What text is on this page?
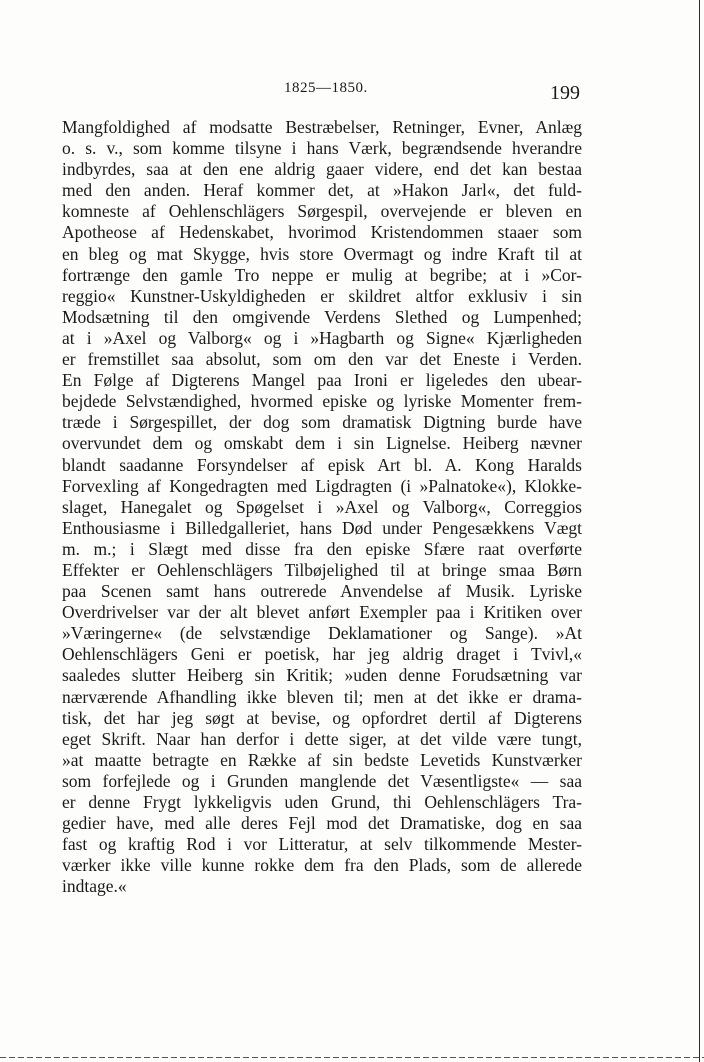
1825—1850.	199
Mangfoldighed af modsatte Bestræbelser, Retninger, Evner, Anlæg
o. s. v., som komme tilsyne i hans Værk, begrændsende hverandre
indbyrdes, saa at den ene aldrig gaaer videre, end det kan bestaa
med den anden. Heraf kommer det, at »Hakon Jarl«, det fuld-
komneste af Oehlenschlägers Sørgespil, overvejende er bleven en
Apotheose af Hedenskabet, hvorimod Kristendommen staaer som
en bleg og mat Skygge, hvis store Overmagt og indre Kraft til at
fortrænge den gamle Tro neppe er mulig at begribe; at i »Cor-
reggio« Kunstner-Uskyldigheden er skildret altfor exklusiv i sin
Modsætning til den omgivende Verdens Slethed og Lumpenhed;
at i »Axel og Valborg« og i »Hagbarth og Signe« Kjærligheden
er fremstillet saa absolut, som om den var det Eneste i Verden.
En Følge af Digterens Mangel paa Ironi er ligeledes den ubear-
bejdede Selvstændighed, hvormed episke og lyriske Momenter frem-
træde i Sørgespillet, der dog som dramatisk Digtning burde have
overvundet dem og omskabt dem i sin Lignelse. Heiberg nævner
blandt saadanne Forsyndelser af episk Art bl. A. Kong Haralds
Forvexling af Kongedragten med Ligdragten (i »Palnatoke«), Klokke-
slaget, Hanegalet og Spøgelset i »Axel og Valborg«, Correggios
Enthousiasme i Billedgalleriet, hans Død under Pengesækkens Vægt
m. m.; i Slægt med disse fra den episke Sfære raat overførte
Effekter er Oehlenschlägers Tilbøjelighed til at bringe smaa Børn
paa Scenen samt hans outrerede Anvendelse af Musik. Lyriske
Overdrivelser var der alt blevet anført Exempler paa i Kritiken over
»Væringerne« (de selvstændige Deklamationer og Sange). »At
Oehlenschlägers Geni er poetisk, har jeg aldrig draget i Tvivl,«
saaledes slutter Heiberg sin Kritik; »uden denne Forudsætning var
nærværende Afhandling ikke bleven til; men at det ikke er drama-
tisk, det har jeg søgt at bevise, og opfordret dertil af Digterens
eget Skrift. Naar han derfor i dette siger, at det vilde være tungt,
»at maatte betragte en Række af sin bedste Levetids Kunstværker
som forfejlede og i Grunden manglende det Væsentligste« — saa
er denne Frygt lykkeligvis uden Grund, thi Oehlenschlägers Tra-
gedier have, med alle deres Fejl mod det Dramatiske, dog en saa
fast og kraftig Rod i vor Litteratur, at selv tilkommende Mester-
værker ikke ville kunne rokke dem fra den Plads, som de allerede
indtage.«
